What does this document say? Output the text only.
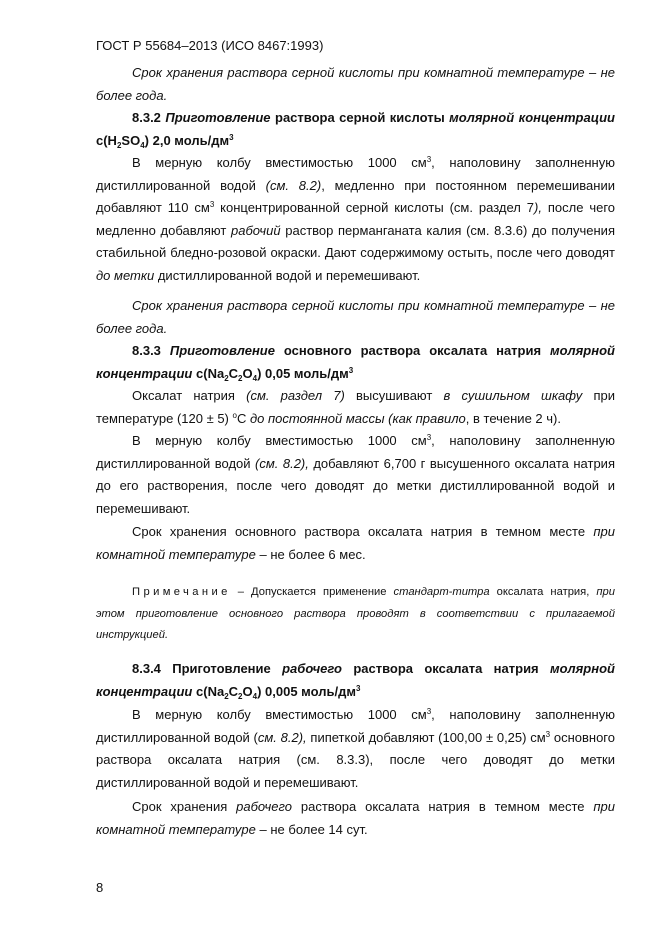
ГОСТ Р 55684–2013 (ИСО 8467:1993)
Срок хранения раствора серной кислоты при комнатной температуре – не более года.
8.3.2 Приготовление раствора серной кислоты молярной концентрации $с(H_2SO_4)$ 2,0 моль/$дм^3$
В мерную колбу вместимостью 1000 $см^3$, наполовину заполненную дистиллированной водой (см. 8.2), медленно при постоянном перемешивании добавляют 110 $см^3$ концентрированной серной кислоты (см. раздел 7), после чего медленно добавляют рабочий раствор перманганата калия (см. 8.3.6) до получения стабильной бледно-розовой окраски. Дают содержимому остыть, после чего доводят до метки дистиллированной водой и перемешивают.
Срок хранения раствора серной кислоты при комнатной температуре – не более года.
8.3.3 Приготовление основного раствора оксалата натрия молярной концентрации $с(Na_2C_2O_4)$ 0,05 моль/$дм^3$
Оксалат натрия (см. раздел 7) высушивают в сушильном шкафу при температуре (120 ± 5) $^o$С до постоянной массы (как правило, в течение 2 ч).
В мерную колбу вместимостью 1000 $см^3$, наполовину заполненную дистиллированной водой (см. 8.2), добавляют 6,700 г высушенного оксалата натрия до его растворения, после чего доводят до метки дистиллированной водой и перемешивают.
Срок хранения основного раствора оксалата натрия в темном месте при комнатной температуре – не более 6 мес.
Примечание – Допускается применение стандарт-титра оксалата натрия, при этом приготовление основного раствора проводят в соответствии с прилагаемой инструкцией.
8.3.4 Приготовление рабочего раствора оксалата натрия молярной концентрации $с(Na_2C_2O_4)$ 0,005 моль/$дм^3$
В мерную колбу вместимостью 1000 $см^3$, наполовину заполненную дистиллированной водой (см. 8.2), пипеткой добавляют (100,00 ± 0,25) $см^3$ основного раствора оксалата натрия (см. 8.3.3), после чего доводят до метки дистиллированной водой и перемешивают.
Срок хранения рабочего раствора оксалата натрия в темном месте при комнатной температуре – не более 14 сут.
8
